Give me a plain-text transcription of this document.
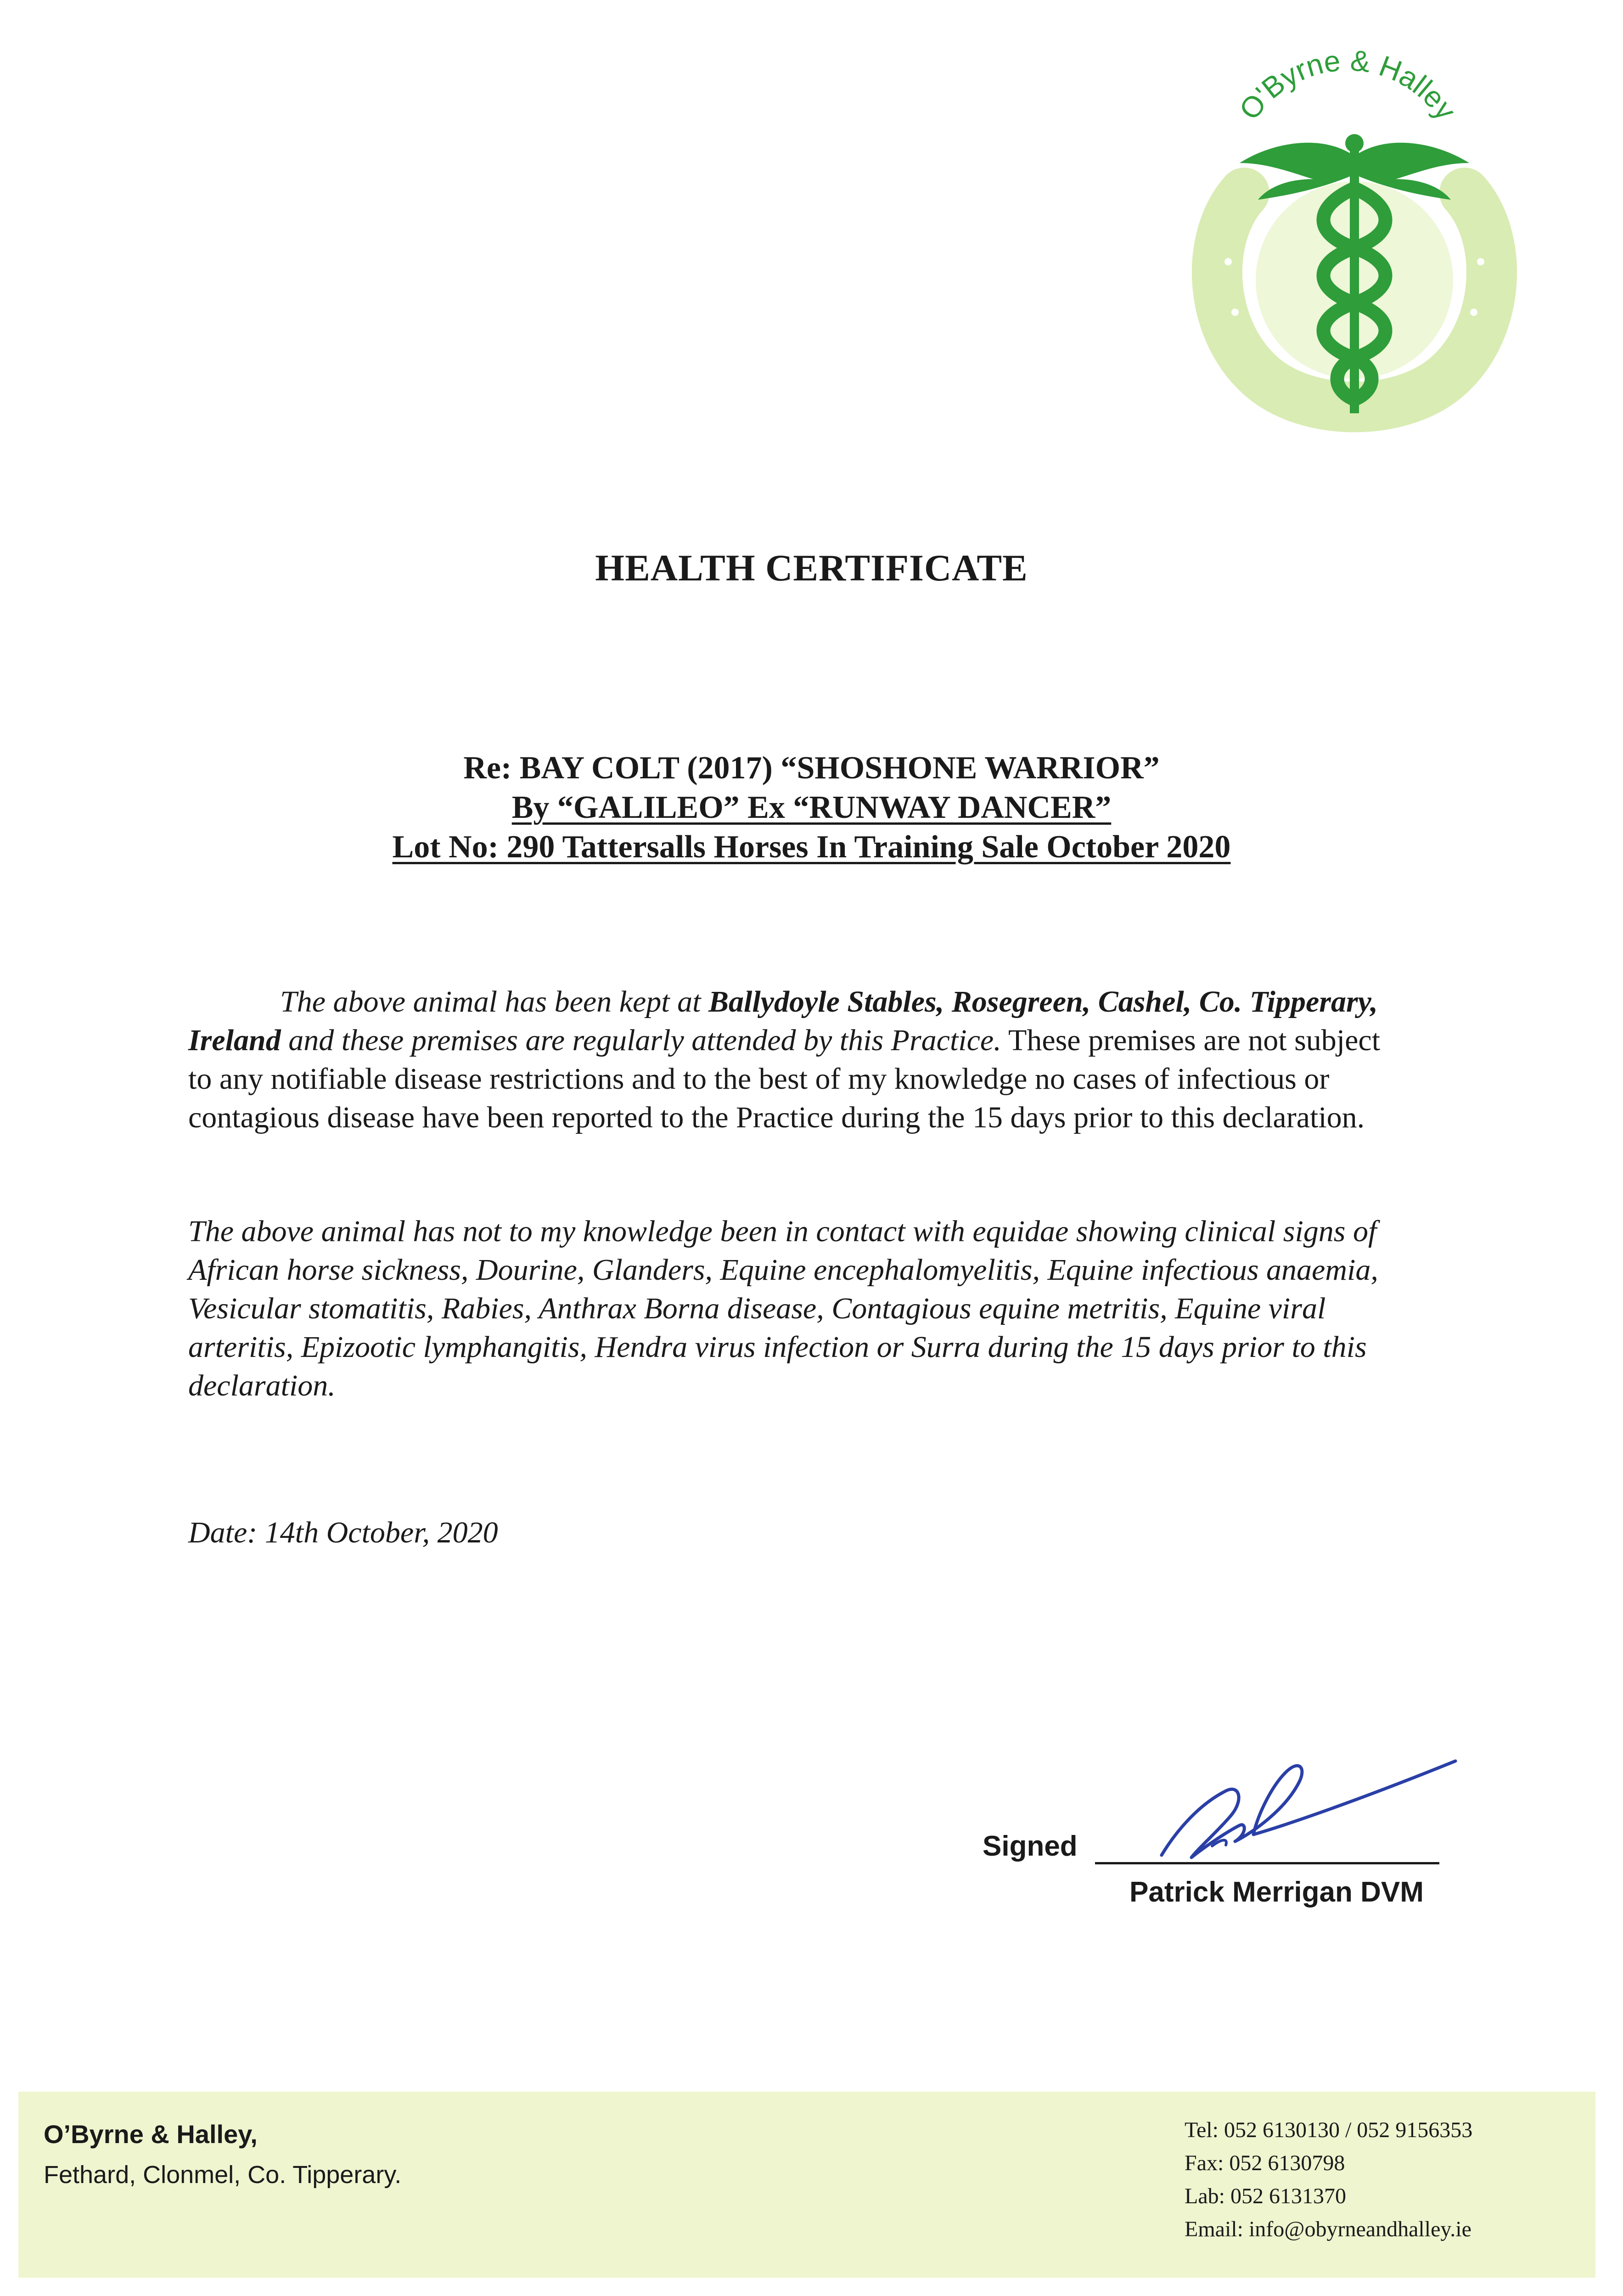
O'Byrne & Halley
HEALTH CERTIFICATE
Re: BAY COLT (2017) “SHOSHONE WARRIOR”
By “GALILEO” Ex “RUNWAY DANCER”
Lot No: 290 Tattersalls Horses In Training Sale October 2020
The above animal has been kept at Ballydoyle Stables, Rosegreen, Cashel, Co. Tipperary, Ireland and these premises are regularly attended by this Practice. These premises are not subject to any notifiable disease restrictions and to the best of my knowledge no cases of infectious or contagious disease have been reported to the Practice during the 15 days prior to this declaration.
The above animal has not to my knowledge been in contact with equidae showing clinical signs of African horse sickness, Dourine, Glanders, Equine encephalomyelitis, Equine infectious anaemia, Vesicular stomatitis, Rabies, Anthrax Borna disease, Contagious equine metritis, Equine viral arteritis, Epizootic lymphangitis, Hendra virus infection or Surra during the 15 days prior to this declaration.
Date: 14th October, 2020
Signed
Patrick Merrigan DVM
O’Byrne & Halley,
Fethard, Clonmel, Co. Tipperary.
Tel: 052 6130130 / 052 9156353
Fax: 052 6130798
Lab: 052 6131370
Email: info@obyrneandhalley.ie
